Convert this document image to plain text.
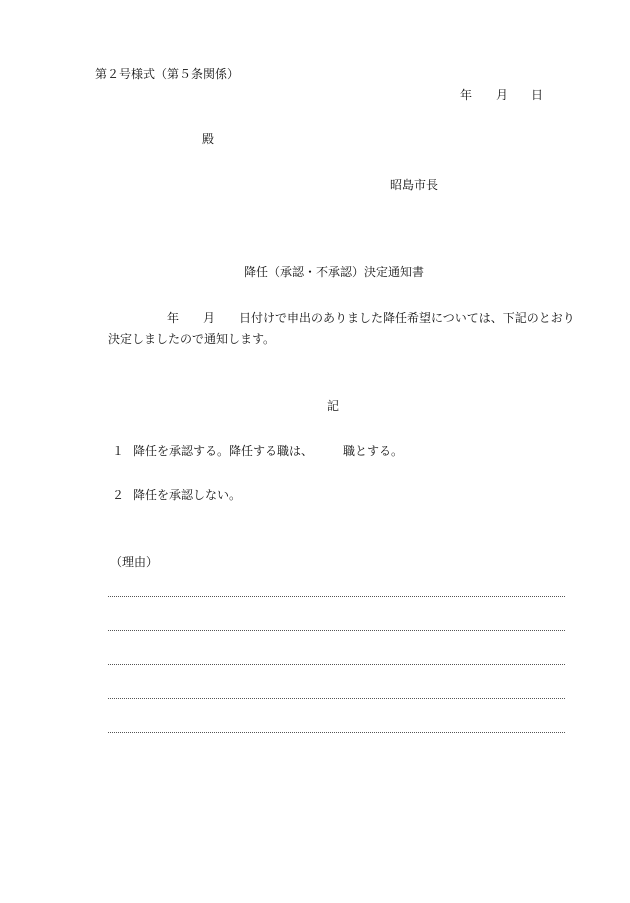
第２号様式（第５条関係）
年 月 日
殿
昭島市長
降任（承認・不承認）決定通知書
年 月 日付けで申出のありました降任希望については、下記のとおり
決定しましたので通知します。
記
１ 降任を承認する。降任する職は、 職とする。
２ 降任を承認しない。
（理由）
